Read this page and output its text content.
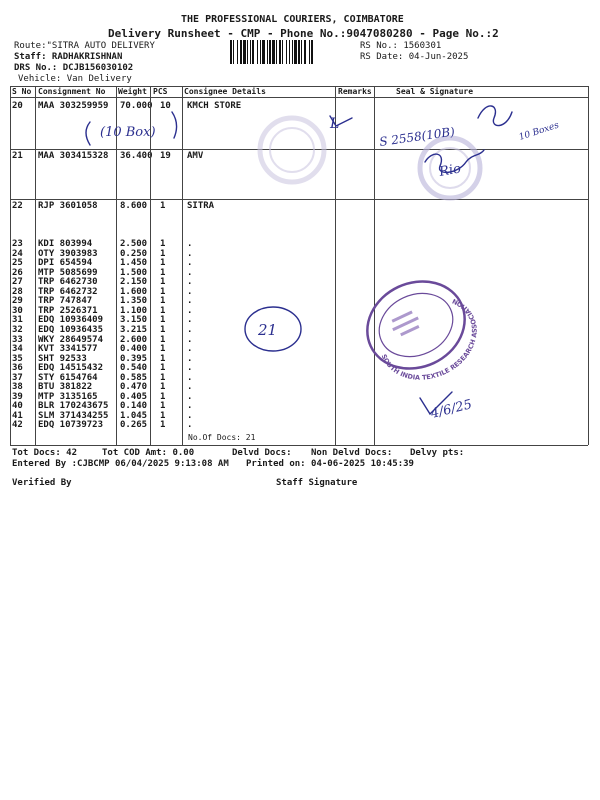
THE PROFESSIONAL COURIERS, COIMBATORE
Delivery Runsheet - CMP - Phone No.:9047080280 - Page No.:2
Route:"SITRA AUTO DELIVERY
Staff: RADHAKRISHNAN
DRS No.: DCJB156030102
Vehicle: Van Delivery
RS No.: 1560301
RS Date: 04-Jun-2025
S No Consignment No Weight PCS Consignee Details	Remarks	Seal & Signature
20 MAA 303259959 70.000 10 KMCH STORE
21 MAA 303415328 36.400 19 AMV
22 RJP 3601058 8.600 1 SITRA
23 KDI 803994	2.500 1 .
24 OTY 3903983 0.250 1 .
25 DPI 654594	1.450 1 .
26 MTP 5085699 1.500 1 .
27 TRP 6462730 2.150 1 .
28 TRP 6462732 1.600 1 .
29 TRP 747847	1.350 1 .
30 TRP 2526371 1.100 1 .
31 EDQ 10936409 3.150 1 .
32 EDQ 10936435 3.215 1 .
33 WKY 28649574 2.600 1 .
34 KVT 3341577 0.400 1 .
35 SHT 92533	0.395 1 .
36 EDQ 14515432 0.540 1 .
37 STY 6154764 0.585 1 .
38 BTU 381822	0.470 1 .
39 MTP 3135165 0.405 1 .
40 BLR 170243675 0.140 1 .
41 SLM 371434255 1.045 1 .
42 EDQ 10739723 0.265 1 .
No.Of Docs: 21
Tot Docs: 42	Tot COD Amt: 0.00	Delvd Docs: Non Delvd Docs: Delvy pts:
Entered By :CJBCMP 06/04/2025 9:13:08 AM Printed on: 04-06-2025 10:45:39
Verified By	Staff Signature
SOUTH INDIA TEXTILE RESEARCH ASSOCIATION
(10 Box)
L
S 2558(10B)	10 Boxes
Rio
21
4/6/25
